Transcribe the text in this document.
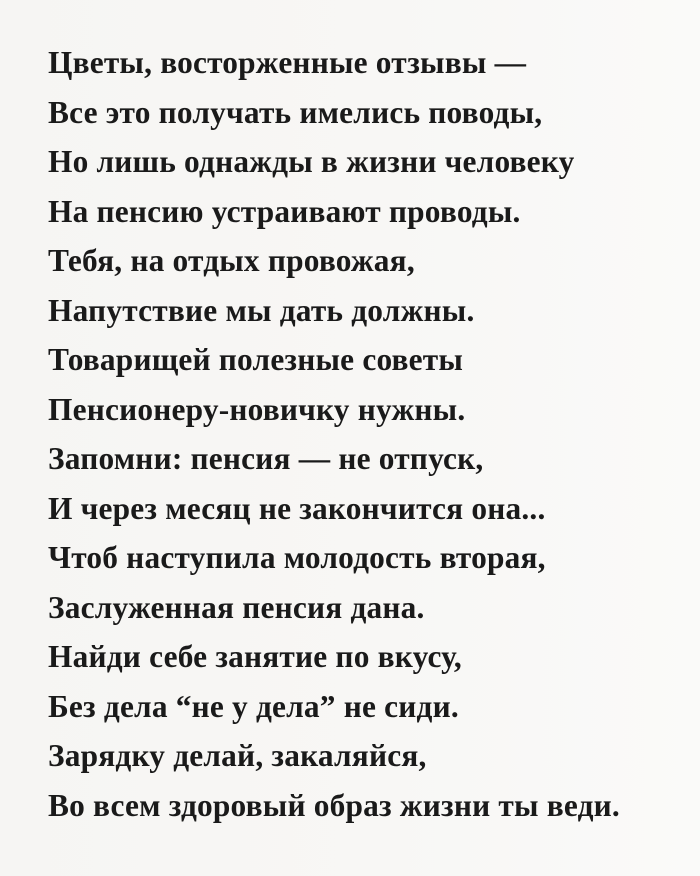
Цветы, восторженные отзывы —

Все это получать имелись поводы,

Но лишь однажды в жизни человеку

На пенсию устраивают проводы.

Тебя, на отдых провожая,

Напутствие мы дать должны.

Товарищей полезные советы

Пенсионеру-новичку нужны.

Запомни: пенсия — не отпуск,

И через месяц не закончится она...

Чтоб наступила молодость вторая,

Заслуженная пенсия дана.

Найди себе занятие по вкусу,

Без дела “не у дела” не сиди.

Зарядку делай, закаляйся,

Во всем здоровый образ жизни ты веди.
